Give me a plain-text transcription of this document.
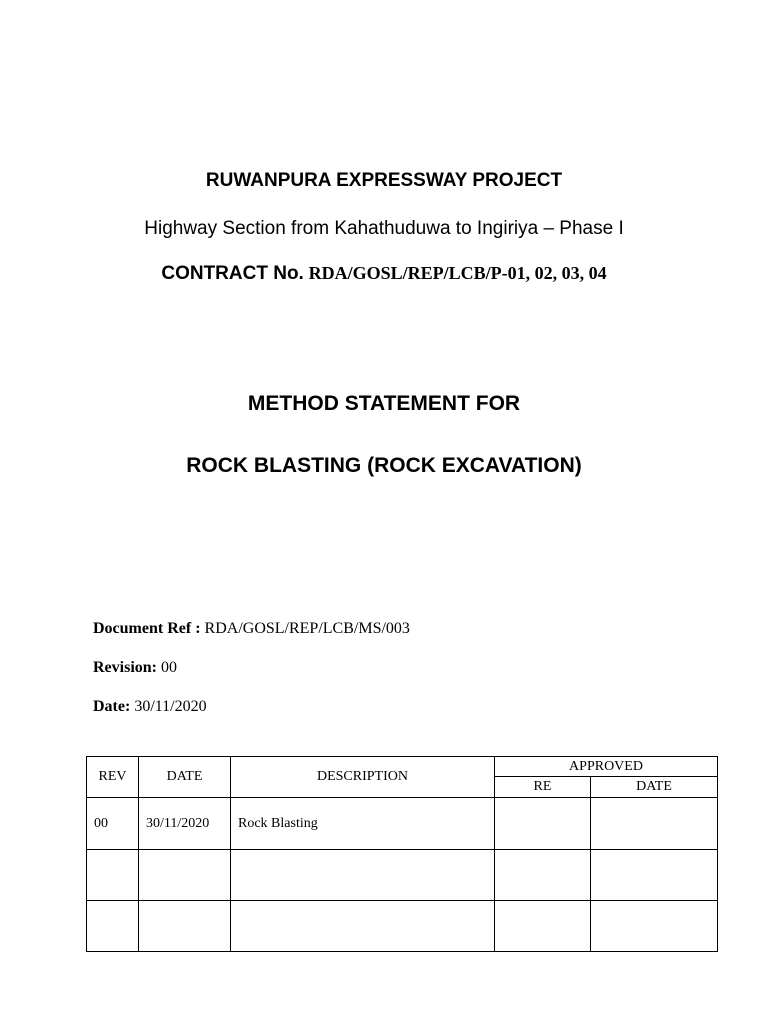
RUWANPURA EXPRESSWAY PROJECT
Highway Section from Kahathuduwa to Ingiriya – Phase I
CONTRACT No. RDA/GOSL/REP/LCB/P-01, 02, 03, 04
METHOD STATEMENT FOR
ROCK BLASTING (ROCK EXCAVATION)
Document Ref : RDA/GOSL/REP/LCB/MS/003
Revision: 00
Date: 30/11/2020
REV	DATE	DESCRIPTION	APPROVED	
			RE	DATE
00	30/11/2020	Rock Blasting		
